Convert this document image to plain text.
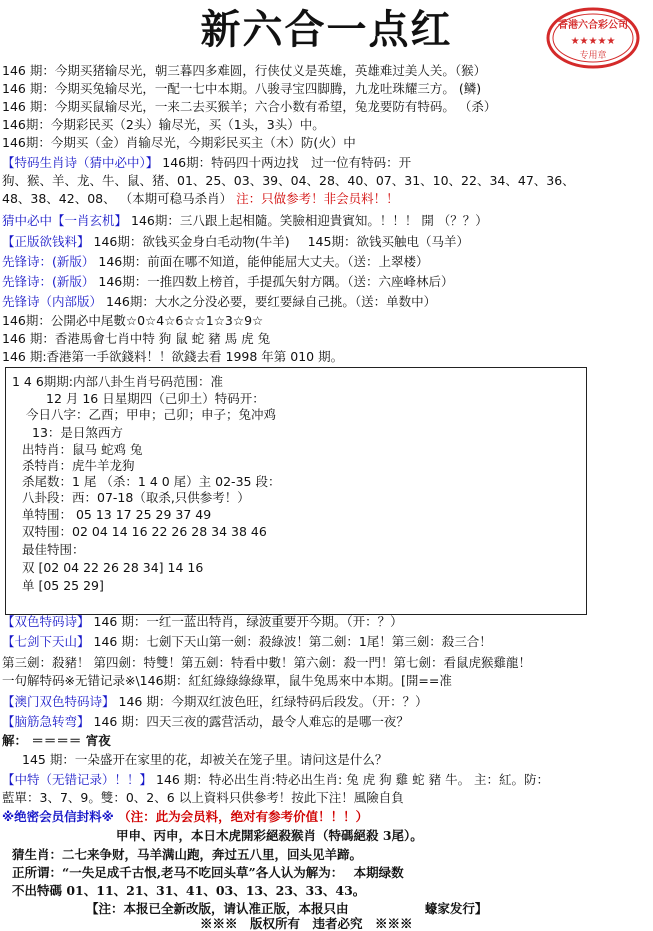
新六合一点红	香港六合彩公司
★★★★★
专用章
146 期：今期买猪输尽光，朝三暮四多难圆，行侠仗义是英雄，英雄难过美人关。（猴）
146 期：今期买兔输尽光，一配一七中本期。八骏寻宝四脚腾，九龙吐珠耀三方。 (鳞)
146 期：今期买鼠输尽光，一来二去买猴羊；六合小数有希望，兔龙要防有特码。 （杀）
146期：今期彩民买（2头）输尽光，买（1头，3头）中。
146期：今期买（金）肖输尽光，今期彩民买主（木）防(火）中
【特码生肖诗（猜中必中）】 146期：特码四十两边找　过一位有特码：开
狗、猴、羊、龙、牛、鼠、猪、01、25、03、39、04、28、40、07、31、10、22、34、47、36、
48、38、42、08、 （本期可稳马杀肖） 注：只做参考！非会员料！！
猜中必中【一肖玄机】 146期：三八跟上起相隨。笑臉相迎貴賓知。！！！ 開 （？？）
【正版欲钱料】 146期：欲钱买金身白毛动物(牛羊) 145期：欲钱买触电（马羊）
先锋诗：(新版） 146期：前面在哪不知道，能伸能屈大丈夫。（送：上翠楼）
先锋诗：(新版） 146期：一推四数上榜首，手提孤矢射方隅。（送：六座峰林后）
先锋诗（内部版） 146期：大水之分没必要，要红要緑自己挑。（送：单数中）
146期：公開必中尾數☆0☆4☆6☆☆1☆3☆9☆
146 期：香港馬會七肖中特 狗 鼠 蛇 豬 馬 虎 兔
146 期:香港第一手欲錢料！！欲錢去看 1998 年第 010 期。
1 4 6期期:内部八卦生肖号码范围：准
12 月 16 日星期四（己卯土）特码开：
今日八字：乙酉；甲申；己卯；申子；兔冲鸡
13：是日煞西方
出特肖：鼠马 蛇鸡 兔
杀特肖：虎牛羊龙狗
杀尾数：1 尾 （杀：1 4 0 尾）主 02-35 段：
八卦段：西：07-18（取杀,只供参考！）
单特围： 05 13 17 25 29 37 49
双特围：02 04 14 16 22 26 28 34 38 46
最佳特围：
双 [02 04 22 26 28 34] 14 16
单 [05 25 29]
【双色特码诗】 146 期：一红一蓝出特肖，绿波重要开今期。（开：？）
【七剑下天山】 146 期：七劍下天山第一劍：殺綠波！第二劍：1尾！第三劍：殺三合！
第三劍：殺豬！ 第四劍：特雙！第五劍：特看中數！第六劍：殺一門！第七劍：看鼠虎猴雞龍！
一句解特码※无错记录※\146期：紅紅綠綠綠綠單，鼠牛兔馬來中本期。[開==准
【澳门双色特码诗】 146 期：今期双红波色旺，红绿特码后段发。（开：？）
【脑筋急转弯】 146 期：四天三夜的露营活动，最令人难忘的是哪一夜？
解： ＝＝＝＝ 宵夜
145 期：一朵盛开在家里的花，却被关在笼子里。请问这是什么？
【中特（无错记录）！！】 146 期：特必出生肖:特必出生肖: 兔 虎 狗 雞 蛇 豬 牛。 主：紅。防：
藍單：3、7、9。雙：0、2、6 以上資料只供參考！按此下注！風險自負
※绝密会员信封料※ （注：此为会员料，绝对有参考价值！！！）
甲申、丙申，本日木虎開彩絕殺猴肖（特碼絕殺 3尾）。
猜生肖：二七来争财，马羊满山跑，奔过五八里，回头见羊蹄。
正所谓：“一失足成千古恨,老马不吃回头草”各人认为解为： 本期绿数
不出特碼 01、11、21、31、41、03、13、23、33、43。
【注：本报已全新改版，请认准正版，本报只由	蠔家发行】
※※※　版权所有　违者必究　※※※
